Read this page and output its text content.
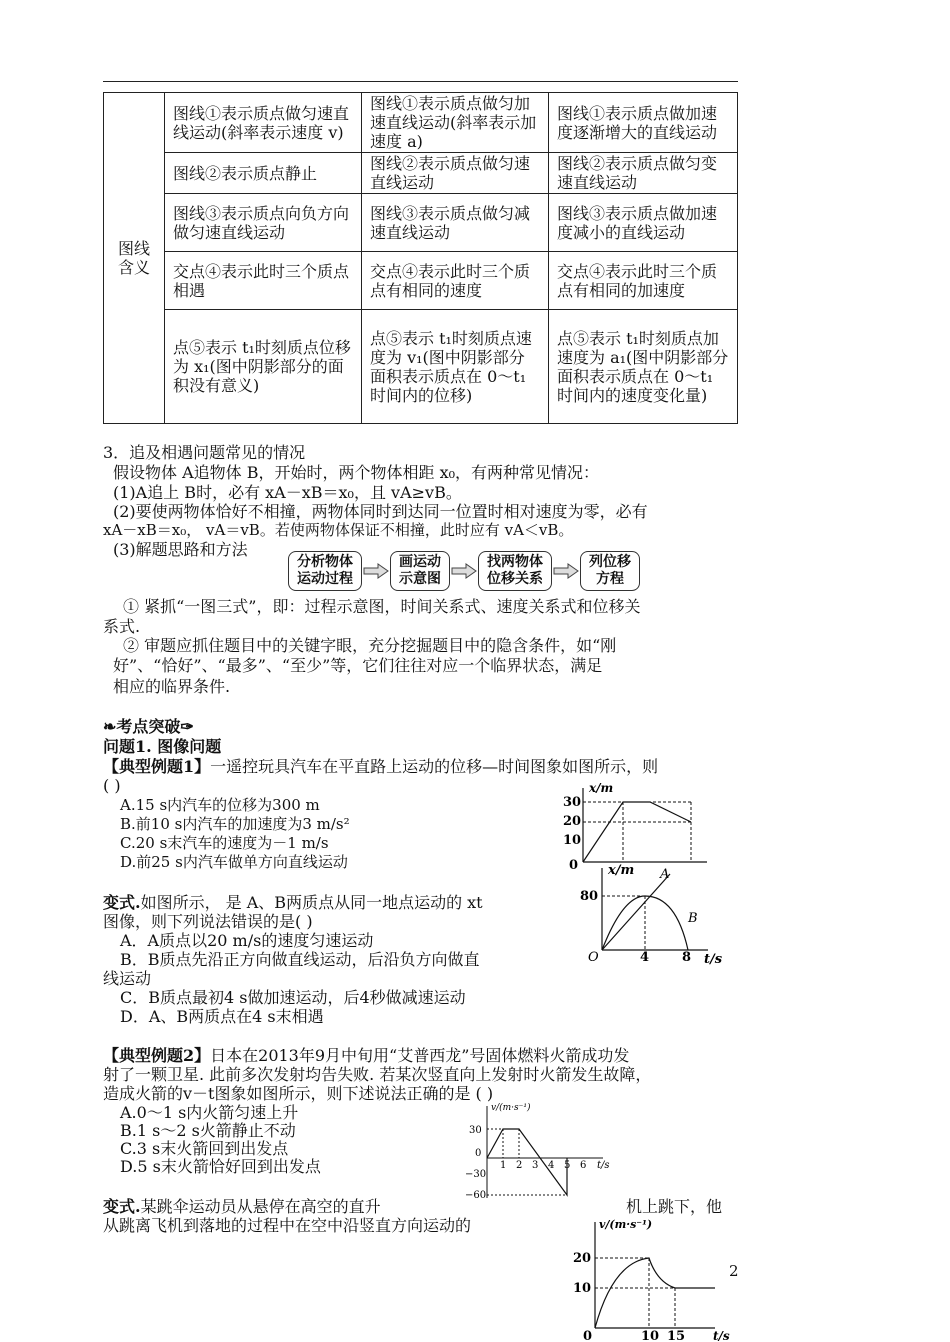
图线
含义	图线①表示质点做匀速直线运动(斜率表示速度 v)	图线①表示质点做匀加速直线运动(斜率表示加速度 a)	图线①表示质点做加速度逐渐增大的直线运动
	图线②表示质点静止	图线②表示质点做匀速直线运动	图线②表示质点做匀变速直线运动
	图线③表示质点向负方向做匀速直线运动	图线③表示质点做匀减速直线运动	图线③表示质点做加速度减小的直线运动
	交点④表示此时三个质点相遇	交点④表示此时三个质点有相同的速度	交点④表示此时三个质点有相同的加速度
	点⑤表示 t₁时刻质点位移为 x₁(图中阴影部分的面积没有意义)	点⑤表示 t₁时刻质点速度为 v₁(图中阴影部分面积表示质点在 0～t₁时间内的位移)	点⑤表示 t₁时刻质点加速度为 a₁(图中阴影部分面积表示质点在 0～t₁时间内的速度变化量)
3．追及相遇问题常见的情况
假设物体 A追物体 B，开始时，两个物体相距 x₀，有两种常见情况：
(1)A追上 B时，必有 xA－xB＝x₀，且 vA≥vB。
(2)要使两物体恰好不相撞，两物体同时到达同一位置时相对速度为零，必有
xA－xB＝x₀， vA＝vB。若使两物体保证不相撞，此时应有 vA＜vB。
(3)解题思路和方法
分析物体
运动过程
画运动
示意图
找两物体
位移关系
列位移
方程
① 紧抓“一图三式”，即：过程示意图，时间关系式、速度关系式和位移关
系式.
② 审题应抓住题目中的关键字眼，充分挖掘题目中的隐含条件，如“刚
好”、“恰好”、“最多”、“至少”等，它们往往对应一个临界状态，满足
相应的临界条件.
❧考点突破✑
问题1. 图像问题
【典型例题1】一遥控玩具汽车在平直路上运动的位移—时间图象如图所示，则
( )
A.15 s内汽车的位移为300 m
B.前10 s内汽车的加速度为3 m/s²
C.20 s末汽车的速度为－1 m/s
D.前25 s内汽车做单方向直线运动
x/m
30
20
10
0
变式.如图所示， 是 A、B两质点从同一地点运动的 xt
图像，则下列说法错误的是( )
A．A质点以20 m/s的速度匀速运动
B．B质点先沿正方向做直线运动，后沿负方向做直
线运动
C．B质点最初4 s做加速运动，后4秒做减速运动
D．A、B两质点在4 s末相遇
x/m
80
O	4	8 t/s
A
B
【典型例题2】日本在2013年9月中旬用“艾普西龙”号固体燃料火箭成功发
射了一颗卫星. 此前多次发射均告失败. 若某次竖直向上发射时火箭发生故障，
造成火箭的v－t图象如图所示，则下述说法正确的是 ( )
A.0～1 s内火箭匀速上升
B.1 s～2 s火箭静止不动
C.3 s末火箭回到出发点
D.5 s末火箭恰好回到出发点
v/(m·s⁻¹)
30
0
−30
−60
1 2 3 4 5 6 t/s
变式.某跳伞运动员从悬停在高空的直升	机上跳下，他
从跳离飞机到落地的过程中在空中沿竖直方向运动的	v/(m·s⁻¹)
20
10
0	10 15 t/s
2
